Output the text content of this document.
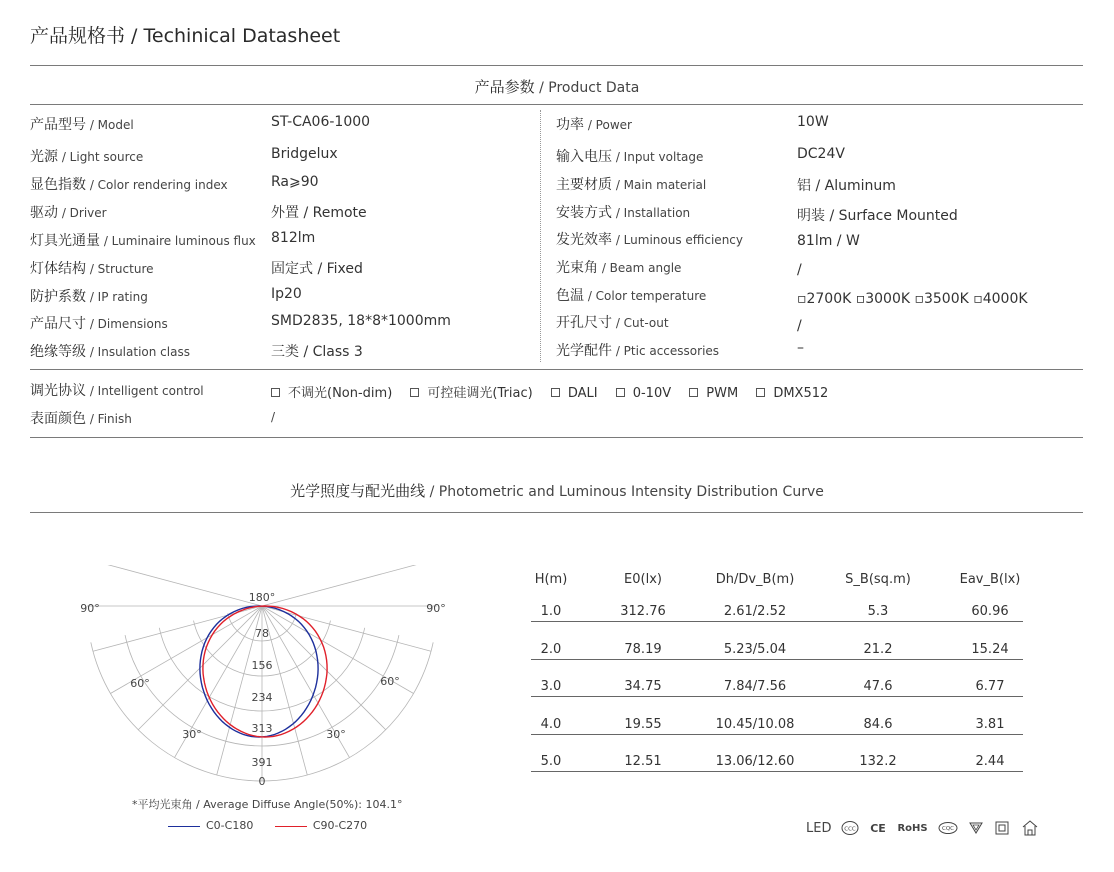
产品规格书 / Techinical Datasheet
产品参数 / Product Data
产品型号 / Model	ST-CA06-1000
光源 / Light source	Bridgelux
显色指数 / Color rendering index	Ra⩾90
驱动 / Driver	外置 / Remote
灯具光通量 / Luminaire luminous flux 812lm
灯体结构 / Structure	固定式 / Fixed
防护系数 / IP rating	Ip20
产品尺寸 / Dimensions	SMD2835, 18*8*1000mm
绝缘等级 / Insulation class	三类 / Class 3
功率 / Power	10W
输入电压 / Input voltage	DC24V
主要材质 / Main material	铝 / Aluminum
安装方式 / Installation	明装 / Surface Mounted
发光效率 / Luminous efficiency	81lm / W
光束角 / Beam angle	/
色温 / Color temperature	▫2700K ▫3000K ▫3500K ▫4000K
开孔尺寸 / Cut-out	/
光学配件 / Ptic accessories	–
调光协议 / Intelligent control	不调光(Non-dim)	可控硅调光(Triac)	DALI	0-10V	PWM	DMX512
表面颜色 / Finish	/
光学照度与配光曲线 / Photometric and Luminous Intensity Distribution Curve
90°	90°
60°	60°
30°	30°
180°
0
78
156
234
313
391
*平均光束角 / Average Diffuse Angle(50%): 104.1°
C0-C180	C90-C270
H(m)	E0(lx)	Dh/Dv_B(m)	S_B(sq.m)	Eav_B(lx)
1.0	312.76	2.61/2.52	5.3	60.96
2.0	78.19	5.23/5.04	21.2	15.24
3.0	34.75	7.84/7.56	47.6	6.77
4.0	19.55	10.45/10.08	84.6	3.81
5.0	12.51	13.06/12.60	132.2	2.44
LED CCC CE RoHS	CQC
